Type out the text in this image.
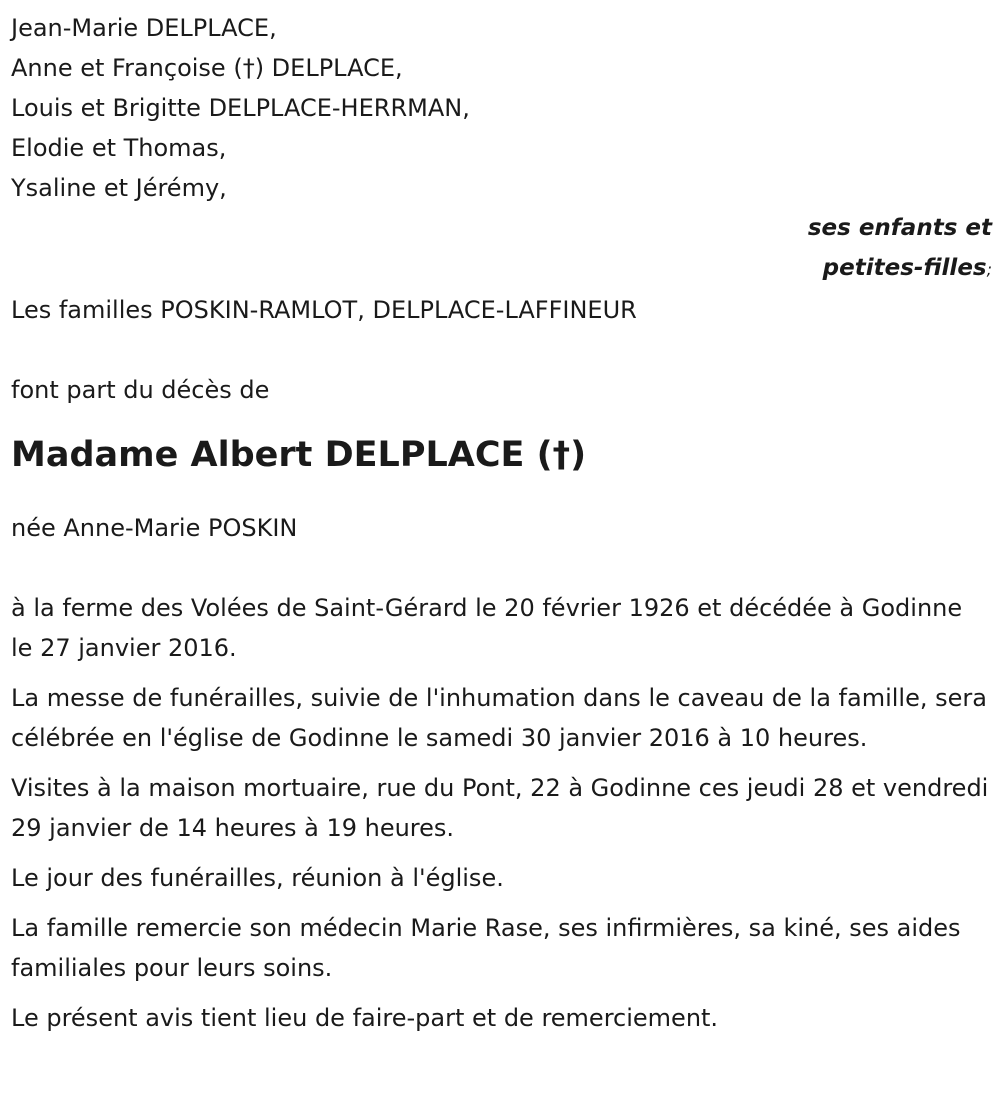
Jean-Marie DELPLACE,
Anne et Françoise (†) DELPLACE,
Louis et Brigitte DELPLACE-HERRMAN,
Elodie et Thomas,
Ysaline et Jérémy,
ses enfants et
petites-filles;
Les familles POSKIN-RAMLOT, DELPLACE-LAFFINEUR
font part du décès de
Madame Albert DELPLACE (†)
née Anne-Marie POSKIN

à la ferme des Volées de Saint-Gérard le 20 février 1926 et décédée à Godinne le 27 janvier 2016.

La messe de funérailles, suivie de l'inhumation dans le caveau de la famille, sera célébrée en l'église de Godinne le samedi 30 janvier 2016 à 10 heures.

Visites à la maison mortuaire, rue du Pont, 22 à Godinne ces jeudi 28 et vendredi 29 janvier de 14 heures à 19 heures.

Le jour des funérailles, réunion à l'église.

La famille remercie son médecin Marie Rase, ses infirmières, sa kiné, ses aides familiales pour leurs soins.

Le présent avis tient lieu de faire-part et de remerciement.
